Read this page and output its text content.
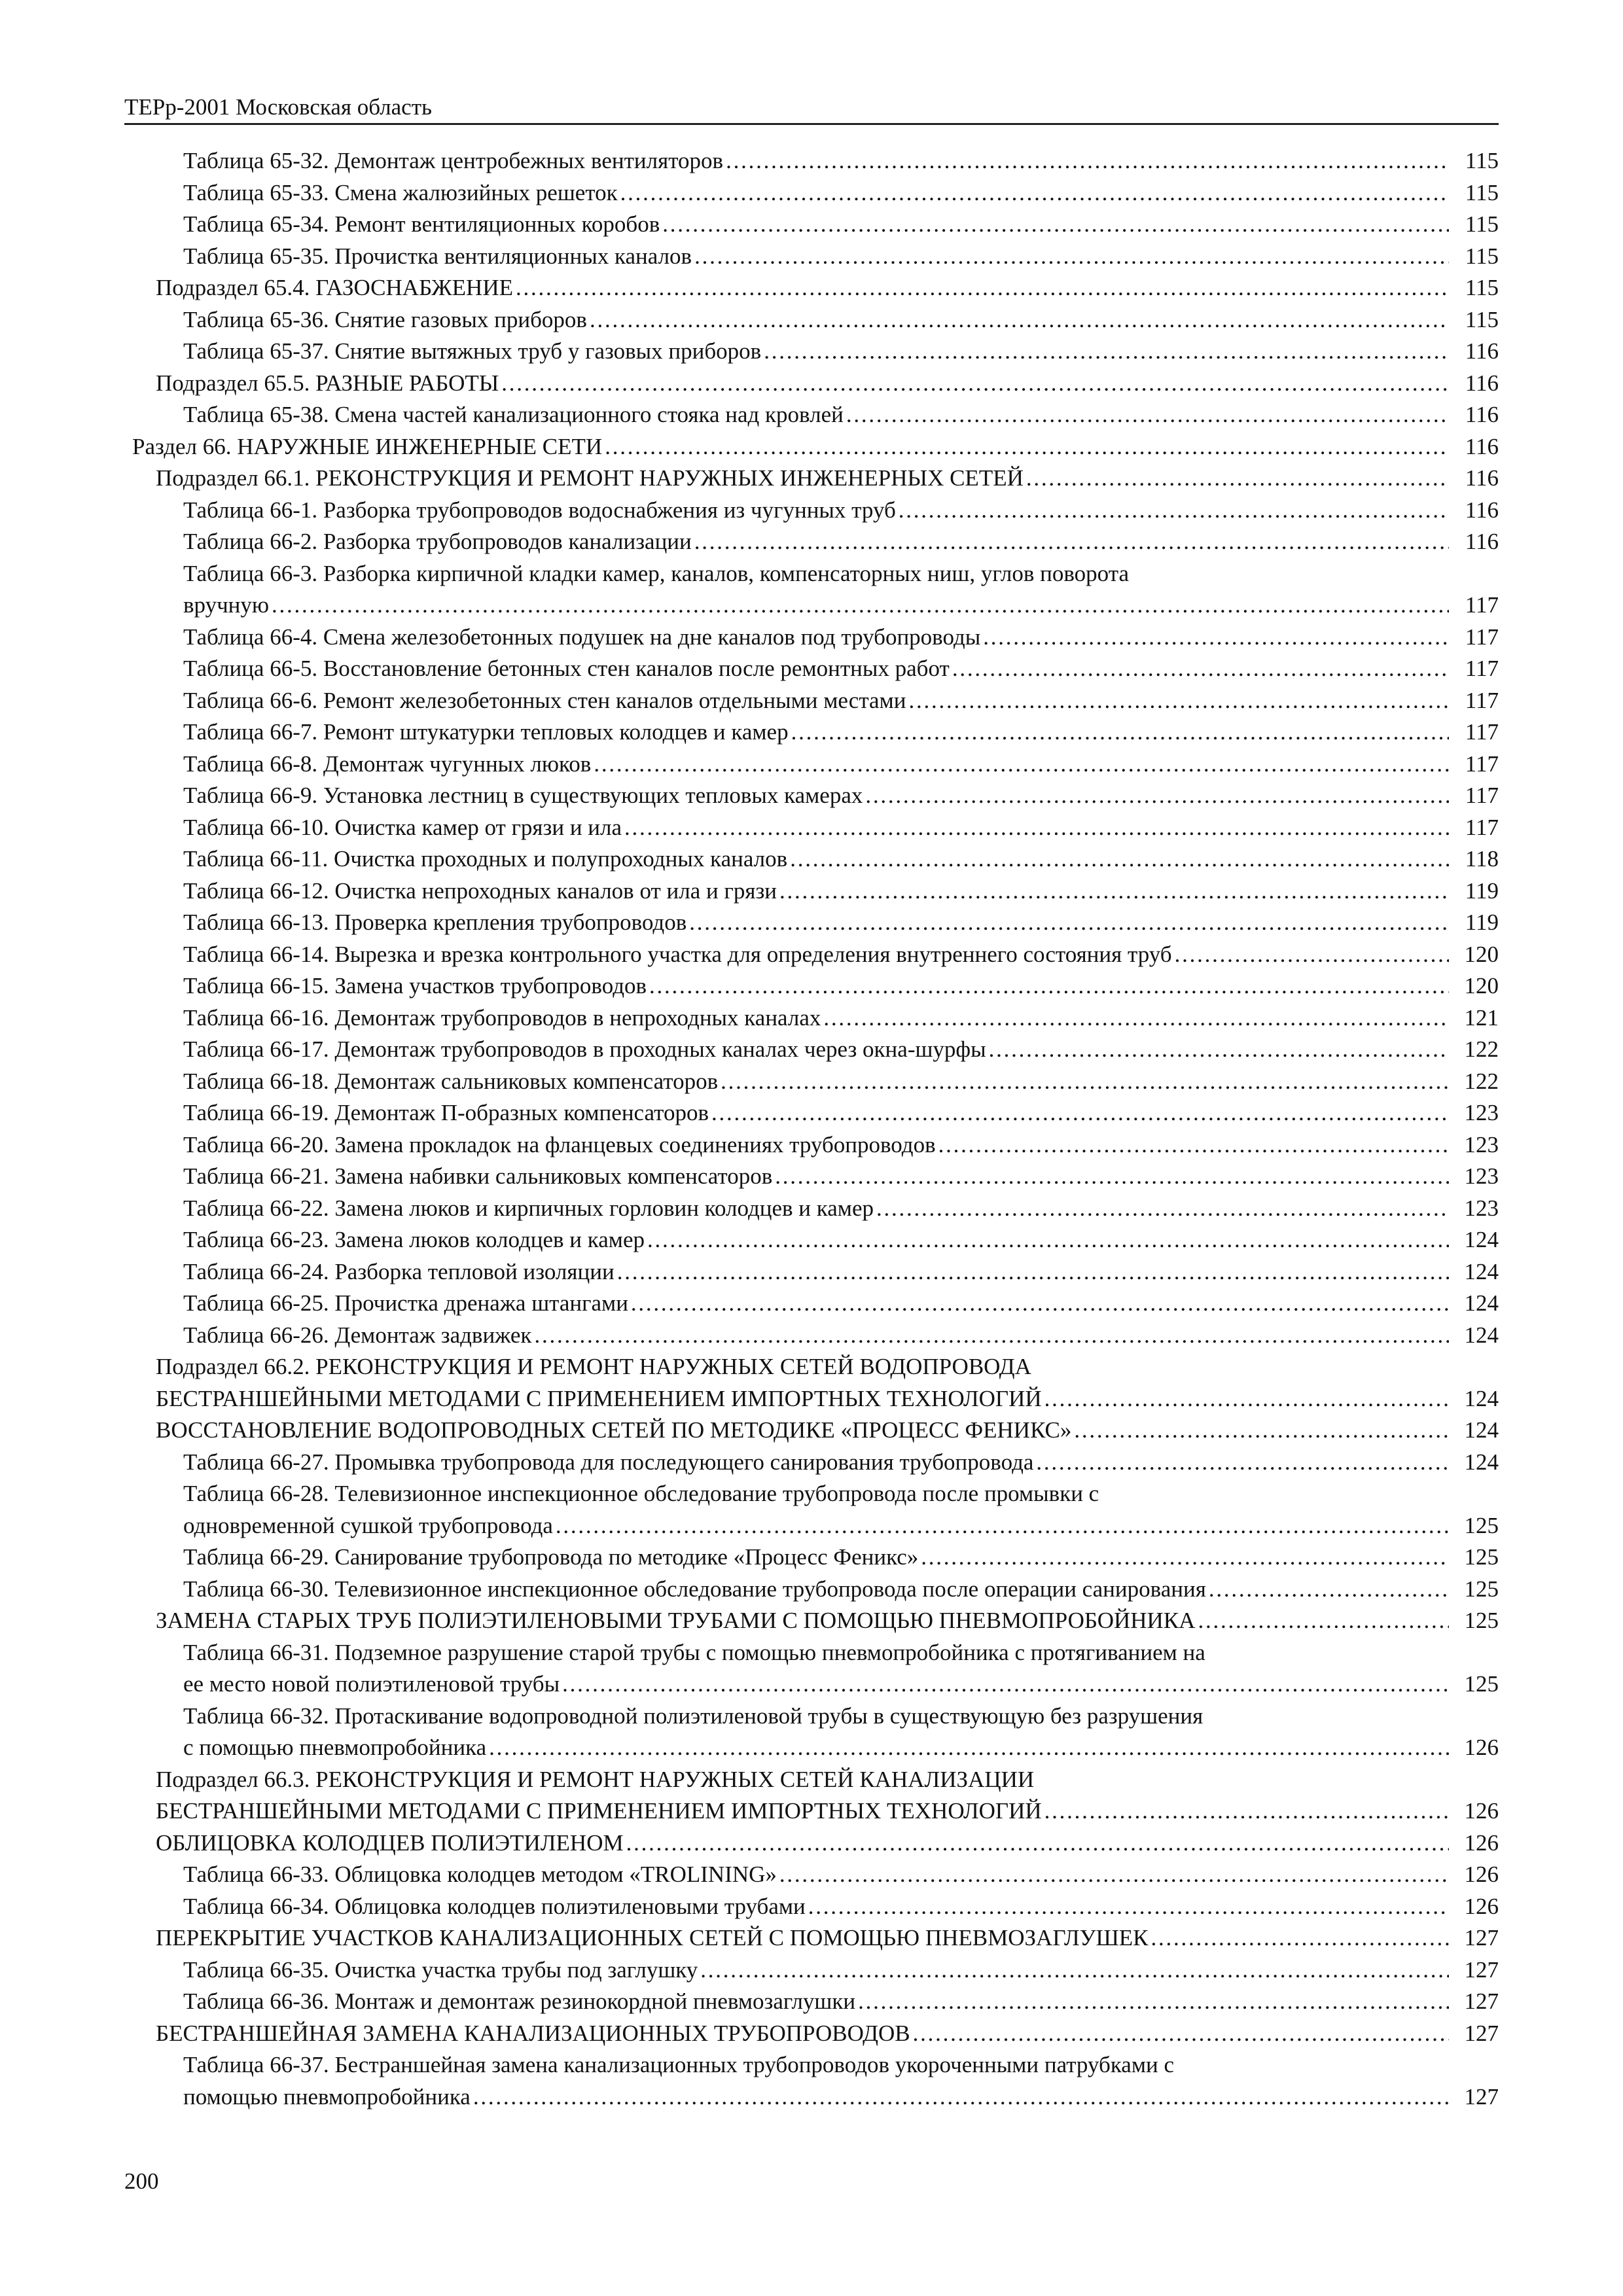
ТЕРр-2001 Московская область
Таблица 65-32. Демонтаж центробежных вентиляторов . . .	115
Таблица 65-33. Смена жалюзийных решеток . . .	115
Таблица 65-34. Ремонт вентиляционных коробов . . .	115
Таблица 65-35. Прочистка вентиляционных каналов . . .	115
Подраздел 65.4. ГАЗОСНАБЖЕНИЕ . . .	115
Таблица 65-36. Снятие газовых приборов . . .	115
Таблица 65-37. Снятие вытяжных труб у газовых приборов . . .	116
Подраздел 65.5. РАЗНЫЕ РАБОТЫ . . .	116
Таблица 65-38. Смена частей канализационного стояка над кровлей . . .	116
Раздел 66. НАРУЖНЫЕ ИНЖЕНЕРНЫЕ СЕТИ . . .	116
Подраздел 66.1. РЕКОНСТРУКЦИЯ И РЕМОНТ НАРУЖНЫХ ИНЖЕНЕРНЫХ СЕТЕЙ . . .	116
Таблица 66-1. Разборка трубопроводов водоснабжения из чугунных труб . . .	116
Таблица 66-2. Разборка трубопроводов канализации . . .	116
Таблица 66-3. Разборка кирпичной кладки камер, каналов, компенсаторных ниш, углов поворота
вручную . . .	117
Таблица 66-4. Смена железобетонных подушек на дне каналов под трубопроводы . . .	117
Таблица 66-5. Восстановление бетонных стен каналов после ремонтных работ . . .	117
Таблица 66-6. Ремонт железобетонных стен каналов отдельными местами . . .	117
Таблица 66-7. Ремонт штукатурки тепловых колодцев и камер . . .	117
Таблица 66-8. Демонтаж чугунных люков . . .	117
Таблица 66-9. Установка лестниц в существующих тепловых камерах . . .	117
Таблица 66-10. Очистка камер от грязи и ила . . .	117
Таблица 66-11. Очистка проходных и полупроходных каналов . . .	118
Таблица 66-12. Очистка непроходных каналов от ила и грязи . . .	119
Таблица 66-13. Проверка крепления трубопроводов . . .	119
Таблица 66-14. Вырезка и врезка контрольного участка для определения внутреннего состояния труб . . .	120
Таблица 66-15. Замена участков трубопроводов . . .	120
Таблица 66-16. Демонтаж трубопроводов в непроходных каналах . . .	121
Таблица 66-17. Демонтаж трубопроводов в проходных каналах через окна-шурфы . . .	122
Таблица 66-18. Демонтаж сальниковых компенсаторов . . .	122
Таблица 66-19. Демонтаж П-образных компенсаторов . . .	123
Таблица 66-20. Замена прокладок на фланцевых соединениях трубопроводов . . .	123
Таблица 66-21. Замена набивки сальниковых компенсаторов . . .	123
Таблица 66-22. Замена люков и кирпичных горловин колодцев и камер . . .	123
Таблица 66-23. Замена люков колодцев и камер . . .	124
Таблица 66-24. Разборка тепловой изоляции . . .	124
Таблица 66-25. Прочистка дренажа штангами . . .	124
Таблица 66-26. Демонтаж задвижек . . .	124
Подраздел 66.2. РЕКОНСТРУКЦИЯ И РЕМОНТ НАРУЖНЫХ СЕТЕЙ ВОДОПРОВОДА
БЕСТРАНШЕЙНЫМИ МЕТОДАМИ С ПРИМЕНЕНИЕМ ИМПОРТНЫХ ТЕХНОЛОГИЙ . . .	124
ВОССТАНОВЛЕНИЕ ВОДОПРОВОДНЫХ СЕТЕЙ ПО МЕТОДИКЕ «ПРОЦЕСС ФЕНИКС» . . .	124
Таблица 66-27. Промывка трубопровода для последующего санирования трубопровода . . .	124
Таблица 66-28. Телевизионное инспекционное обследование трубопровода после промывки с
одновременной сушкой трубопровода . . .	125
Таблица 66-29. Санирование трубопровода по методике «Процесс Феникс» . . .	125
Таблица 66-30. Телевизионное инспекционное обследование трубопровода после операции санирования . . .	125
ЗАМЕНА СТАРЫХ ТРУБ ПОЛИЭТИЛЕНОВЫМИ ТРУБАМИ С ПОМОЩЬЮ ПНЕВМОПРОБОЙНИКА . . .	125
Таблица 66-31. Подземное разрушение старой трубы с помощью пневмопробойника с протягиванием на
ее место новой полиэтиленовой трубы . . .	125
Таблица 66-32. Протаскивание водопроводной полиэтиленовой трубы в существующую без разрушения
с помощью пневмопробойника . . .	126
Подраздел 66.3. РЕКОНСТРУКЦИЯ И РЕМОНТ НАРУЖНЫХ СЕТЕЙ КАНАЛИЗАЦИИ
БЕСТРАНШЕЙНЫМИ МЕТОДАМИ С ПРИМЕНЕНИЕМ ИМПОРТНЫХ ТЕХНОЛОГИЙ . . .	126
ОБЛИЦОВКА КОЛОДЦЕВ ПОЛИЭТИЛЕНОМ . . .	126
Таблица 66-33. Облицовка колодцев методом «TROLINING» . . .	126
Таблица 66-34. Облицовка колодцев полиэтиленовыми трубами . . .	126
ПЕРЕКРЫТИЕ УЧАСТКОВ КАНАЛИЗАЦИОННЫХ СЕТЕЙ С ПОМОЩЬЮ ПНЕВМОЗАГЛУШЕК . . .	127
Таблица 66-35. Очистка участка трубы под заглушку . . .	127
Таблица 66-36. Монтаж и демонтаж резинокордной пневмозаглушки . . .	127
БЕСТРАНШЕЙНАЯ ЗАМЕНА КАНАЛИЗАЦИОННЫХ ТРУБОПРОВОДОВ . . .	127
Таблица 66-37. Бестраншейная замена канализационных трубопроводов укороченными патрубками с
помощью пневмопробойника . . .	127
200
